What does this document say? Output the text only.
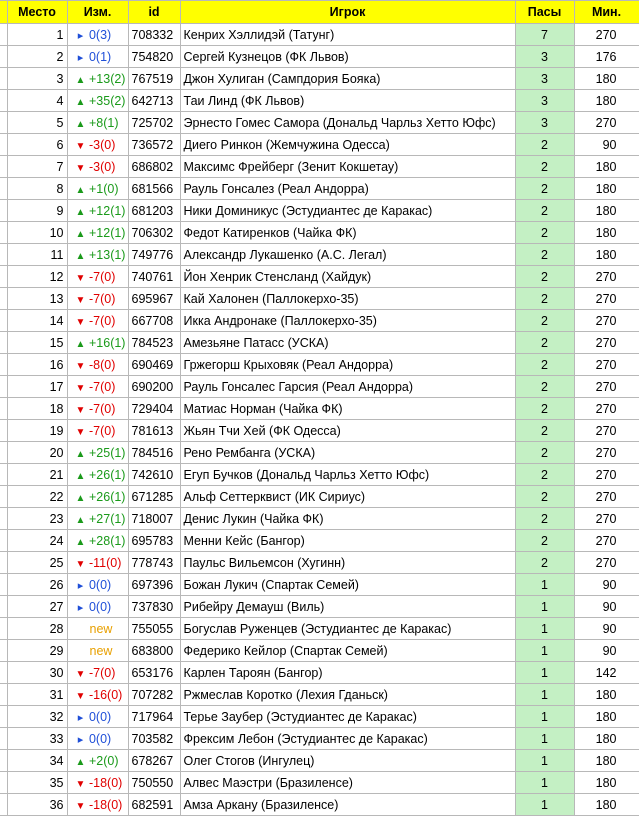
	Место	Изм.	id	Игрок	Пасы	Мин.
	1	▸ 0(3)	708332	Кенрих Хэллидэй (Татунг)	7	270
	2	▸ 0(1)	754820	Сергей Кузнецов (ФК Львов)	3	176
	3	▲ +13(2)	767519	Джон Хулиган (Сампдория Бояка)	3	180
	4	▲ +35(2)	642713	Таи Линд (ФК Львов)	3	180
	5	▲ +8(1)	725702	Эрнесто Гомес Самора (Дональд Чарльз Хетто Юфс)	3	270
	6	▼ -3(0)	736572	Диего Ринкон (Жемчужина Одесса)	2	90
	7	▼ -3(0)	686802	Максимс Фрейберг (Зенит Кокшетау)	2	180
	8	▲ +1(0)	681566	Рауль Гонсалез (Реал Андорра)	2	180
	9	▲ +12(1)	681203	Ники Доминикус (Эстудиантес де Каракас)	2	180
	10	▲ +12(1)	706302	Федот Катиренков (Чайка ФК)	2	180
	11	▲ +13(1)	749776	Александр Лукашенко (А.С. Легал)	2	180
	12	▼ -7(0)	740761	Йон Хенрик Стенсланд (Хайдук)	2	270
	13	▼ -7(0)	695967	Кай Халонен (Паллокерхо-35)	2	270
	14	▼ -7(0)	667708	Икка Андронаке (Паллокерхо-35)	2	270
	15	▲ +16(1)	784523	Амезьяне Патасс (УСКА)	2	270
	16	▼ -8(0)	690469	Гржегорш Крыховяк (Реал Андорра)	2	270
	17	▼ -7(0)	690200	Рауль Гонсалес Гарсия (Реал Андорра)	2	270
	18	▼ -7(0)	729404	Матиас Норман (Чайка ФК)	2	270
	19	▼ -7(0)	781613	Жьян Тчи Хей (ФК Одесса)	2	270
	20	▲ +25(1)	784516	Рено Рембанга (УСКА)	2	270
	21	▲ +26(1)	742610	Егуп Бучков (Дональд Чарльз Хетто Юфс)	2	270
	22	▲ +26(1)	671285	Альф Сеттерквист (ИК Сириус)	2	270
	23	▲ +27(1)	718007	Денис Лукин (Чайка ФК)	2	270
	24	▲ +28(1)	695783	Менни Кейс (Бангор)	2	270
	25	▼ -11(0)	778743	Паульс Вильемсон (Хугинн)	2	270
	26	▸ 0(0)	697396	Божан Лукич (Спартак Семей)	1	90
	27	▸ 0(0)	737830	Рибейру Демауш (Виль)	1	90
	28	new	755055	Богуслав Руженцев (Эстудиантес де Каракас)	1	90
	29	new	683800	Федерико Кейлор (Спартак Семей)	1	90
	30	▼ -7(0)	653176	Карлен Тароян (Бангор)	1	142
	31	▼ -16(0)	707282	Ржмеслав Коротко (Лехия Гданьск)	1	180
	32	▸ 0(0)	717964	Терье Заубер (Эстудиантес де Каракас)	1	180
	33	▸ 0(0)	703582	Фрексим Лебон (Эстудиантес де Каракас)	1	180
	34	▲ +2(0)	678267	Олег Стогов (Ингулец)	1	180
	35	▼ -18(0)	750550	Алвес Маэстри (Бразиленсе)	1	180
	36	▼ -18(0)	682591	Амза Аркану (Бразиленсе)	1	180
